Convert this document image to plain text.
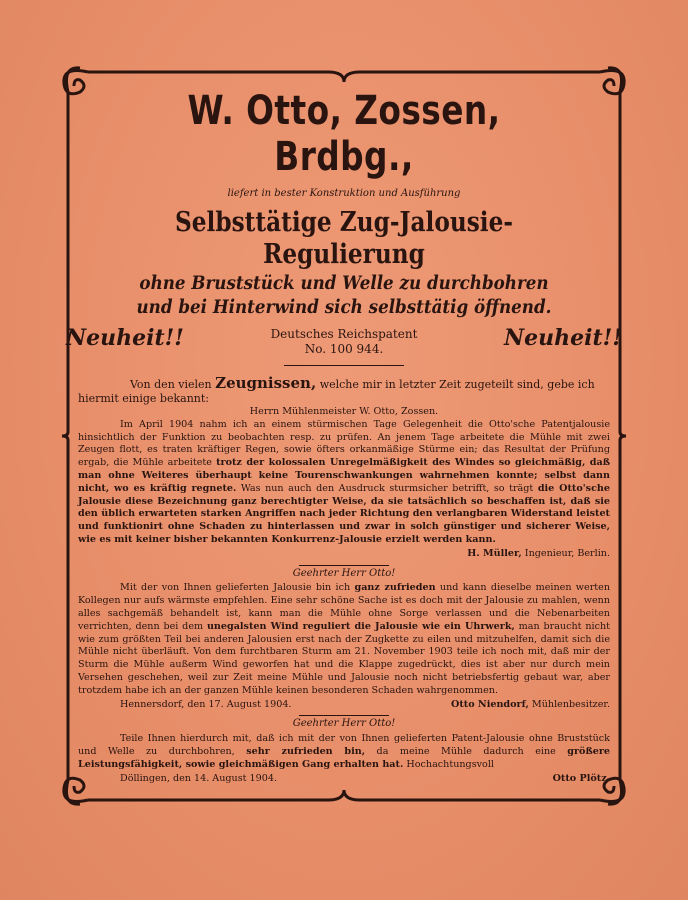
W. Otto, Zossen, Brdbg.,
liefert in bester Konstruktion und Ausführung
Selbsttätige Zug-Jalousie-Regulierung
ohne Bruststück und Welle zu durchbohren
und bei Hinterwind sich selbsttätig öffnend.
Neuheit!!	Deutsches Reichspatent
No. 100 944.	Neuheit!!

Von den vielen Zeugnissen, welche mir in letzter Zeit zugeteilt sind, gebe ich hiermit einige bekannt:

Herrn Mühlenmeister W. Otto, Zossen.

Im April 1904 nahm ich an einem stürmischen Tage Gelegenheit die Otto'sche Patentjalousie hinsichtlich der Funktion zu beobachten resp. zu prüfen. An jenem Tage arbeitete die Mühle mit zwei Zeugen flott, es traten kräftiger Regen, sowie öfters orkanmäßige Stürme ein; das Resultat der Prüfung ergab, die Mühle arbeitete trotz der kolossalen Unregelmäßigkeit des Windes so gleichmäßig, daß man ohne Weiteres überhaupt keine Tourenschwankungen wahrnehmen konnte; selbst dann nicht, wo es kräftig regnete. Was nun auch den Ausdruck sturmsicher betrifft, so trägt die Otto'sche Jalousie diese Bezeichnung ganz berechtigter Weise, da sie tatsächlich so beschaffen ist, daß sie den üblich erwarteten starken Angriffen nach jeder Richtung den verlangbaren Widerstand leistet und funktionirt ohne Schaden zu hinterlassen und zwar in solch günstiger und sicherer Weise, wie es mit keiner bisher bekannten Konkurrenz-Jalousie erzielt werden kann.

H. Müller, Ingenieur, Berlin.
Geehrter Herr Otto!

Mit der von Ihnen gelieferten Jalousie bin ich ganz zufrieden und kann dieselbe meinen werten Kollegen nur aufs wärmste empfehlen. Eine sehr schöne Sache ist es doch mit der Jalousie zu mahlen, wenn alles sachgemäß behandelt ist, kann man die Mühle ohne Sorge verlassen und die Nebenarbeiten verrichten, denn bei dem unegalsten Wind reguliert die Jalousie wie ein Uhrwerk, man braucht nicht wie zum größten Teil bei anderen Jalousien erst nach der Zugkette zu eilen und mitzuhelfen, damit sich die Mühle nicht überläuft. Von dem furchtbaren Sturm am 21. November 1903 teile ich noch mit, daß mir der Sturm die Mühle außerm Wind geworfen hat und die Klappe zugedrückt, dies ist aber nur durch mein Versehen geschehen, weil zur Zeit meine Mühle und Jalousie noch nicht betriebsfertig gebaut war, aber trotzdem habe ich an der ganzen Mühle keinen besonderen Schaden wahrgenommen.

Hennersdorf, den 17. August 1904.	Otto Niendorf, Mühlenbesitzer.
Geehrter Herr Otto!

Teile Ihnen hierdurch mit, daß ich mit der von Ihnen gelieferten Patent-Jalousie ohne Bruststück und Welle zu durchbohren, sehr zufrieden bin, da meine Mühle dadurch eine größere Leistungsfähigkeit, sowie gleichmäßigen Gang erhalten hat. Hochachtungsvoll

Döllingen, den 14. August 1904.	Otto Plötz.
